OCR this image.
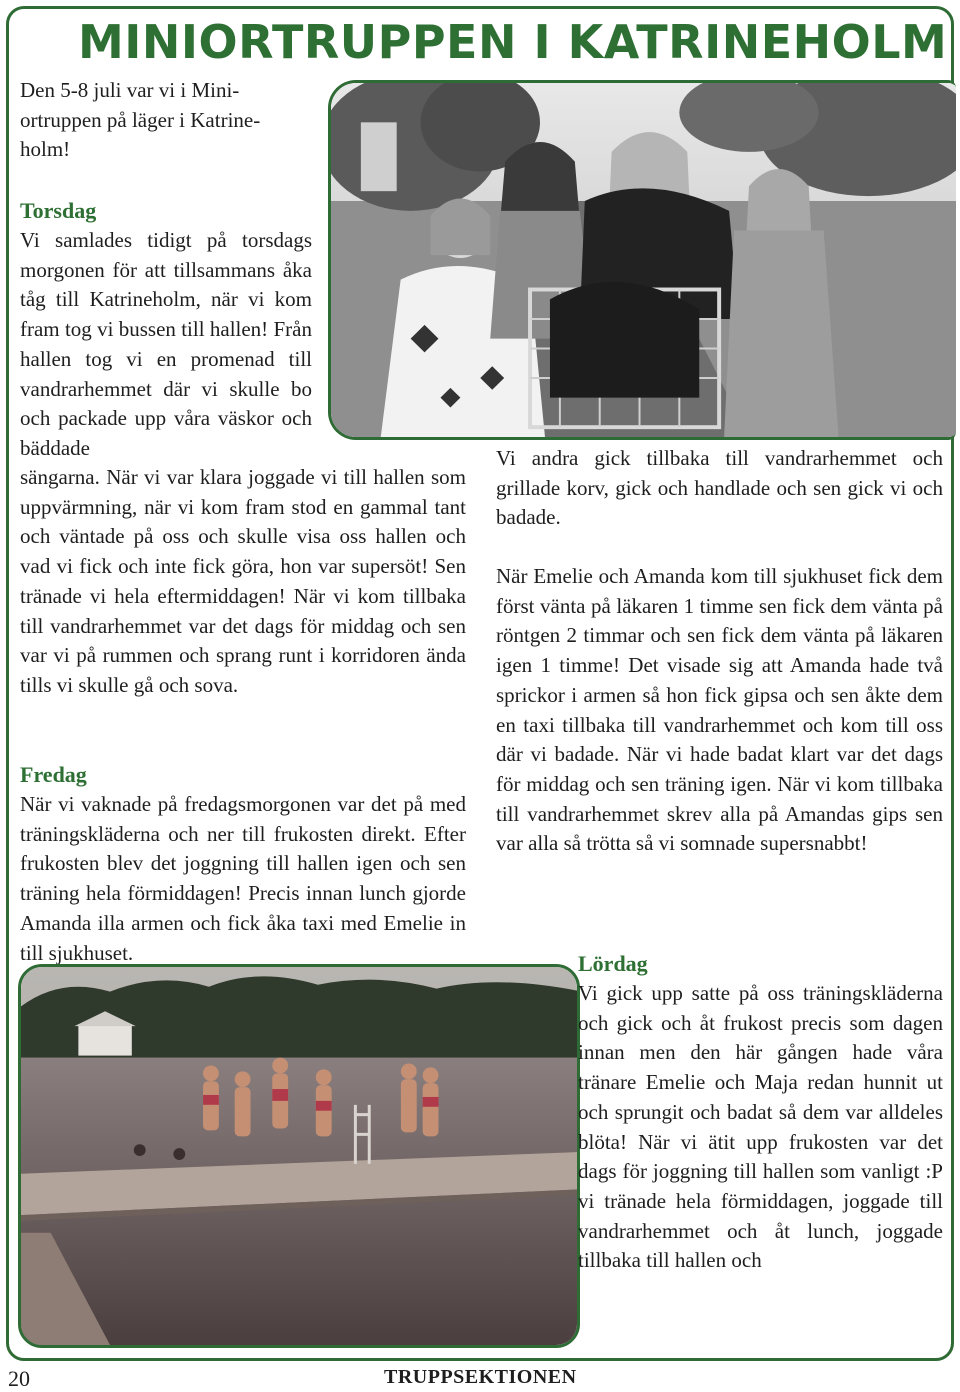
MINIORTRUPPEN I KATRINEHOLM

Den 5-8 juli var vi i Mini-
ortruppen på läger i Katrine-
holm!

Torsdag

Vi samlades tidigt på torsdags morgonen för att tillsammans åka tåg till Katrineholm, när vi kom fram tog vi bussen till hallen! Från hallen tog vi en promenad till vandrarhemmet där vi skulle bo och packade upp våra väskor och bäddade

sängarna. När vi var klara joggade vi till hallen som uppvärmning, när vi kom fram stod en gammal tant och väntade på oss och skulle visa oss hallen och vad vi fick och inte fick göra, hon var supersöt! Sen tränade vi hela eftermiddagen! När vi kom tillbaka till vandrarhemmet var det dags för middag och sen var vi på rummen och sprang runt i korridoren ända tills vi skulle gå och sova.

Fredag

När vi vaknade på fredagsmorgonen var det på med träningskläderna och ner till frukosten direkt. Efter frukosten blev det joggning till hallen igen och sen träning hela förmiddagen! Precis innan lunch gjorde Amanda illa armen och fick åka taxi med Emelie in till sjukhuset.

Vi andra gick tillbaka till vandrarhemmet och grillade korv, gick och handlade och sen gick vi och badade.

När Emelie och Amanda kom till sjukhuset fick dem först vänta på läkaren 1 timme sen fick dem vänta på röntgen 2 timmar och sen fick dem vänta på läkaren igen 1 timme! Det visade sig att Amanda hade två sprickor i armen så hon fick gipsa och sen åkte dem en taxi tillbaka till vandrarhemmet och kom till oss där vi badade. När vi hade badat klart var det dags för middag och sen träning igen. När vi kom tillbaka till vandrarhemmet skrev alla på Amandas gips sen var alla så trötta så vi somnade supersnabbt!

Lördag

Vi gick upp satte på oss träningskläderna och gick och åt frukost precis som dagen innan men den här gången hade våra tränare Emelie och Maja redan hunnit ut och sprungit och badat så dem var alldeles blöta! När vi ätit upp frukosten var det dags för joggning till hallen som vanligt :P vi tränade hela förmiddagen, joggade till vandrarhemmet och åt lunch, joggade tillbaka till hallen och

20	TRUPPSEKTIONEN
